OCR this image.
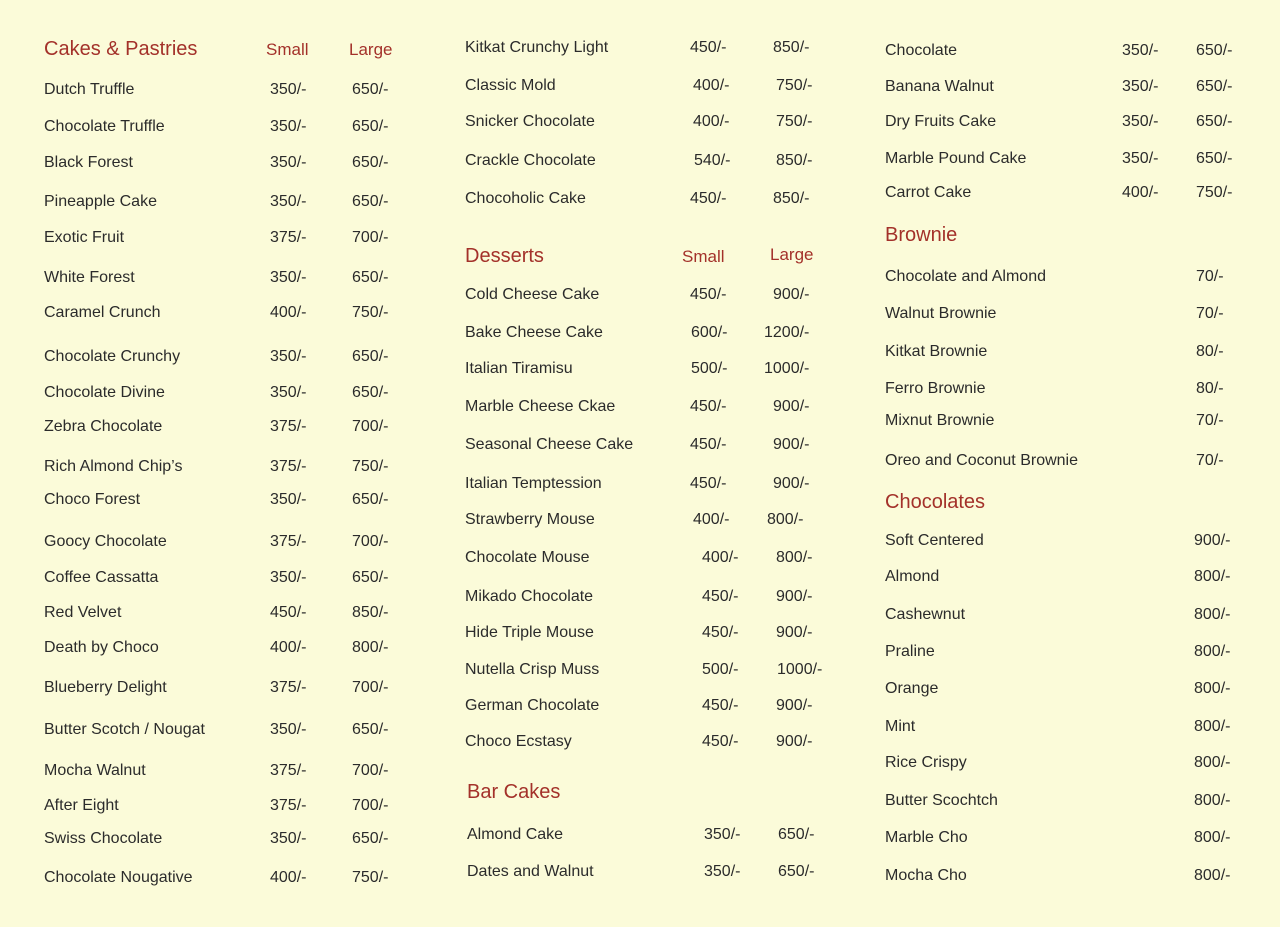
Cakes & Pastries	Small Large
Dutch Truffle	350/-	650/-
Chocolate Truffle	350/-	650/-
Black Forest	350/-	650/-
Pineapple Cake	350/-	650/-
Exotic Fruit	375/-	700/-
White Forest	350/-	650/-
Caramel Crunch	400/-	750/-
Chocolate Crunchy	350/-	650/-
Chocolate Divine	350/-	650/-
Zebra Chocolate	375/-	700/-
Rich Almond Chip’s	375/-	750/-
Choco Forest	350/-	650/-
Goocy Chocolate	375/-	700/-
Coffee Cassatta	350/-	650/-
Red Velvet	450/-	850/-
Death by Choco	400/-	800/-
Blueberry Delight	375/-	700/-
Butter Scotch / Nougat	350/-	650/-
Mocha Walnut	375/-	700/-
After Eight	375/-	700/-
Swiss Chocolate	350/-	650/-
Chocolate Nougative	400/-	750/-
Desserts	Small	Large
Bar Cakes
Kitkat Crunchy Light	450/-	850/-
Classic Mold	400/-	750/-
Snicker Chocolate	400/-	750/-
Crackle Chocolate	540/-	850/-
Chocoholic Cake	450/-	850/-
Cold Cheese Cake	450/-	900/-
Bake Cheese Cake	600/- 1200/-
Italian Tiramisu	500/- 1000/-
Marble Cheese Ckae	450/-	900/-
Seasonal Cheese Cake	450/-	900/-
Italian Temptession	450/-	900/-
Strawberry Mouse	400/- 800/-
Chocolate Mouse	400/- 800/-
Mikado Chocolate	450/- 900/-
Hide Triple Mouse	450/- 900/-
Nutella Crisp Muss	500/- 1000/-
German Chocolate	450/- 900/-
Choco Ecstasy	450/- 900/-
Almond Cake	350/- 650/-
Dates and Walnut	350/- 650/-
Brownie
Chocolates
Chocolate	350/- 650/-
Banana Walnut	350/- 650/-
Dry Fruits Cake	350/- 650/-
Marble Pound Cake	350/- 650/-
Carrot Cake	400/- 750/-
Chocolate and Almond	70/-
Walnut Brownie	70/-
Kitkat Brownie	80/-
Ferro Brownie	80/-
Mixnut Brownie	70/-
Oreo and Coconut Brownie	70/-
Soft Centered	900/-
Almond	800/-
Cashewnut	800/-
Praline	800/-
Orange	800/-
Mint	800/-
Rice Crispy	800/-
Butter Scochtch	800/-
Marble Cho	800/-
Mocha Cho	800/-
